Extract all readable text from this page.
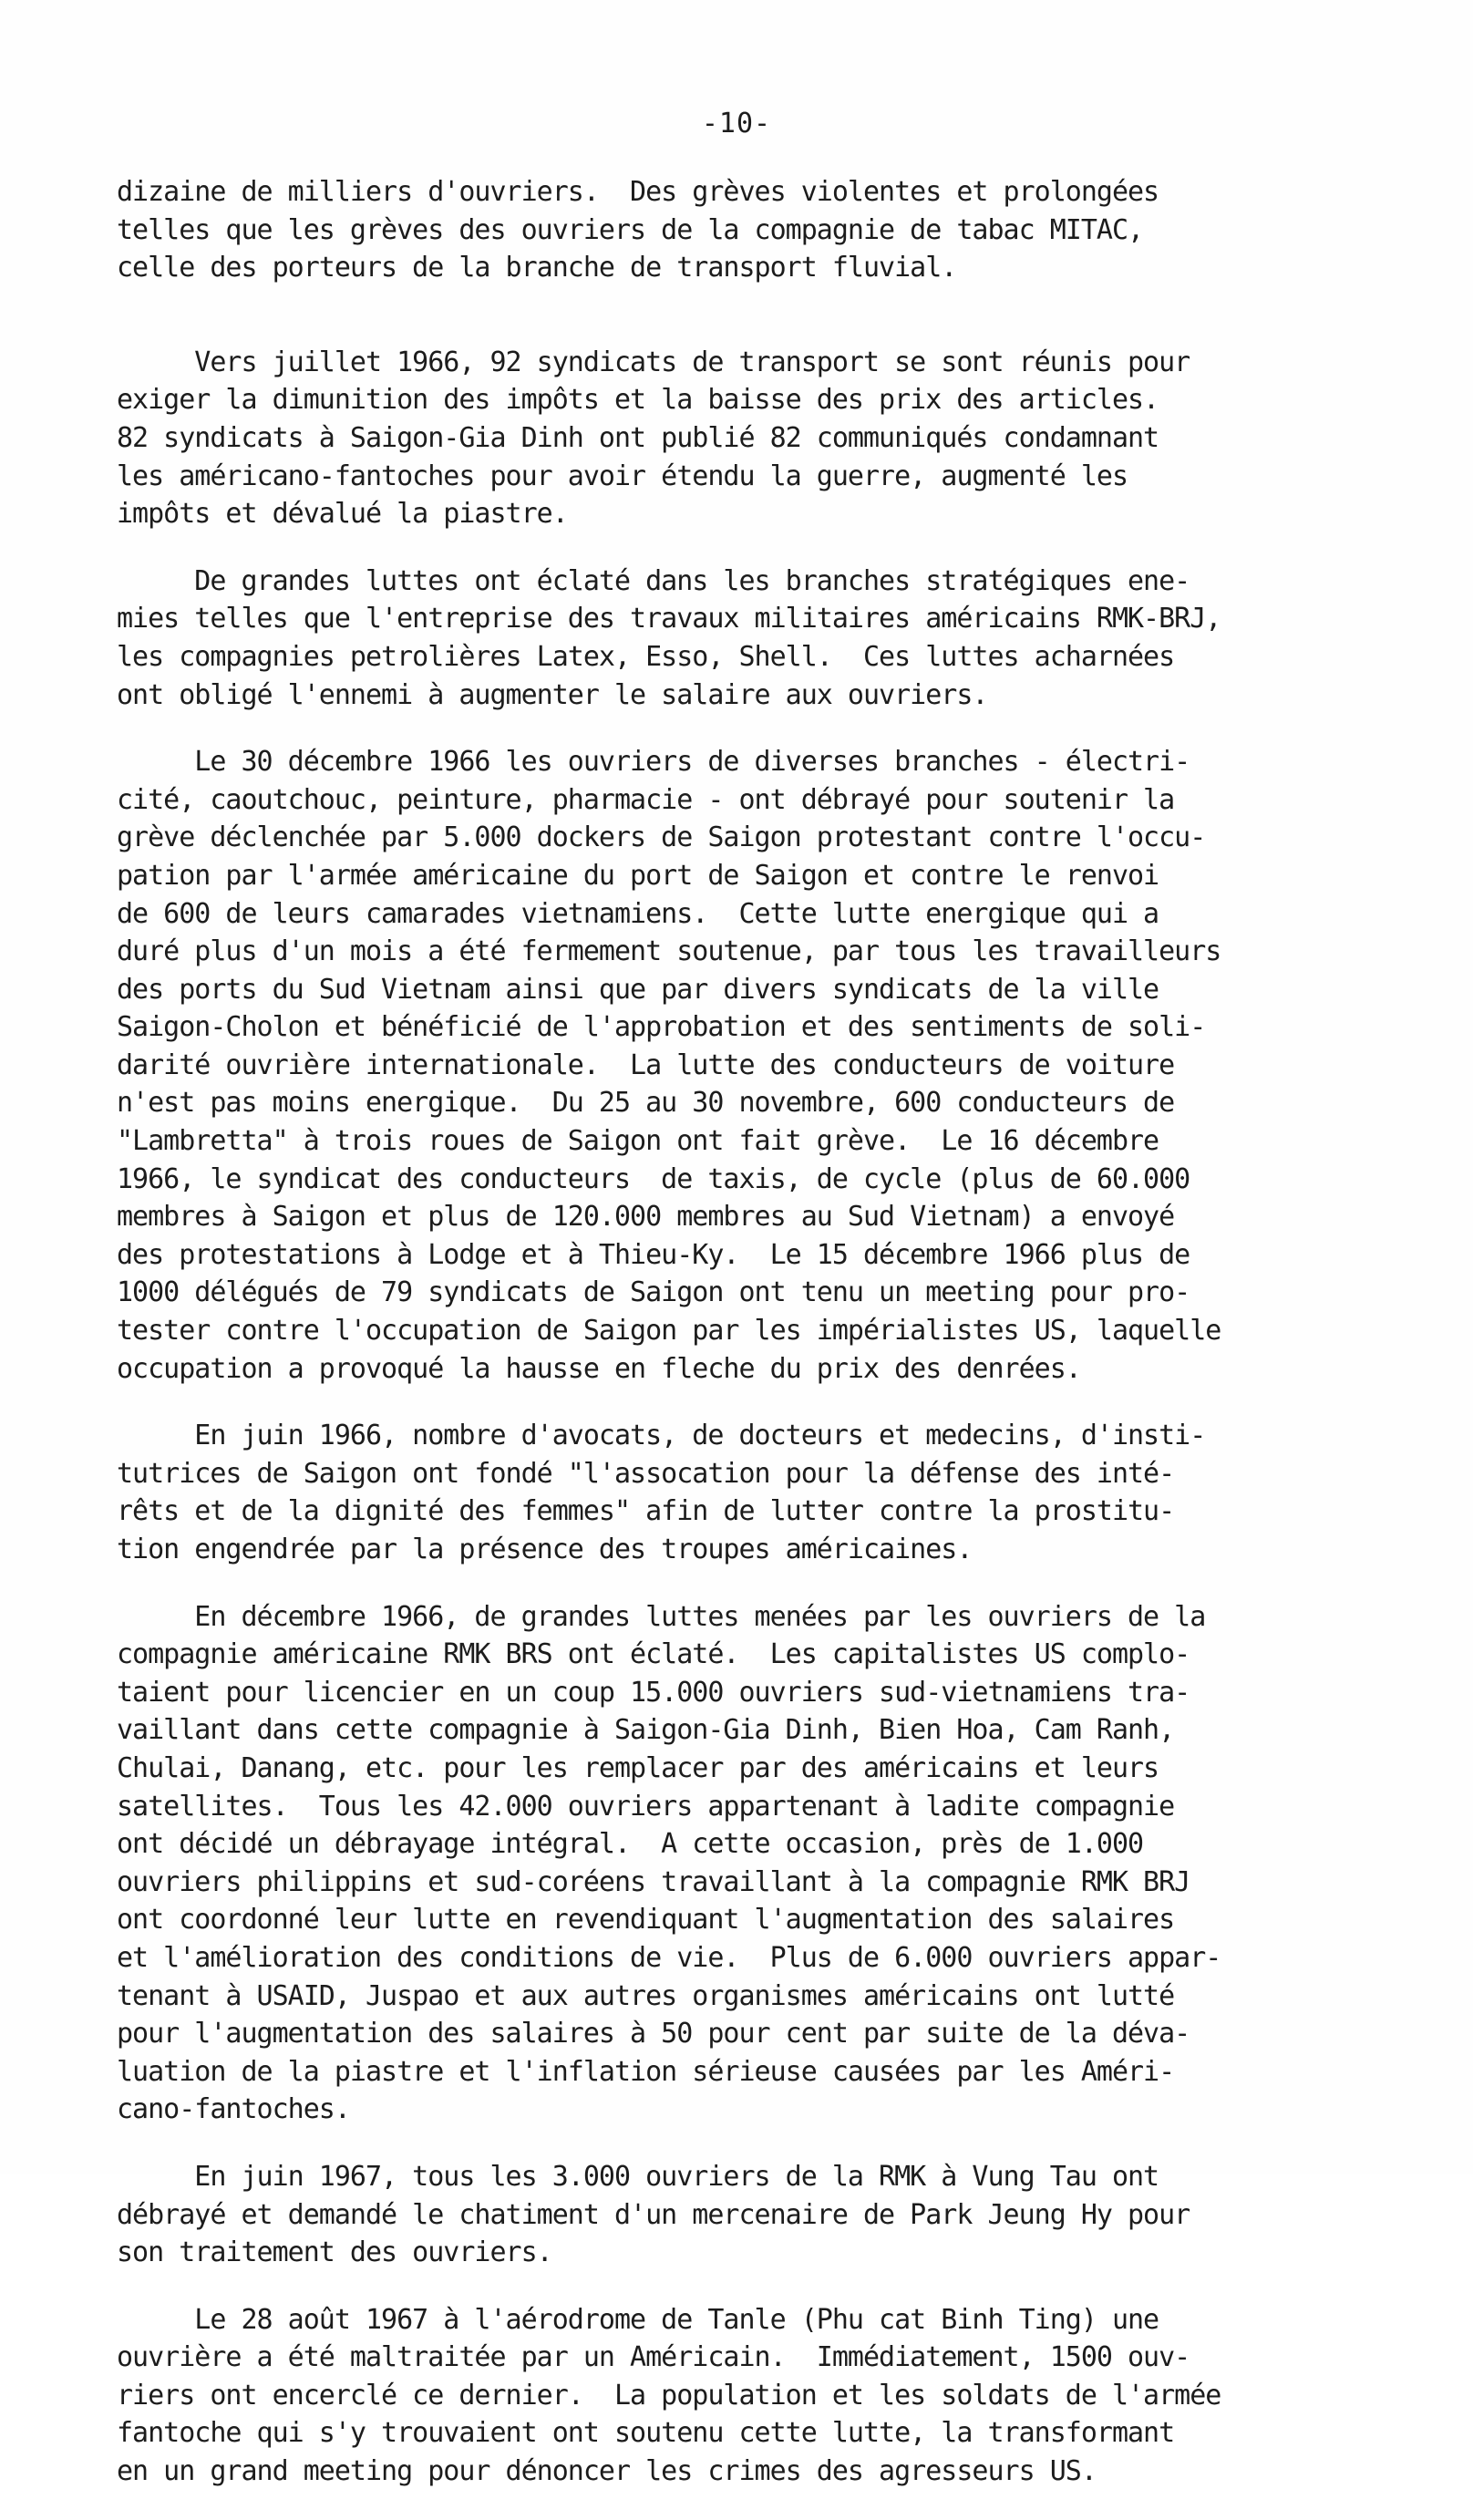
-10-
dizaine de milliers d'ouvriers.  Des grèves violentes et prolongées
telles que les grèves des ouvriers de la compagnie de tabac MITAC,
celle des porteurs de la branche de transport fluvial.
Vers juillet 1966, 92 syndicats de transport se sont réunis pour
exiger la dimunition des impôts et la baisse des prix des articles.
82 syndicats à Saigon-Gia Dinh ont publié 82 communiqués condamnant
les américano-fantoches pour avoir étendu la guerre, augmenté les
impôts et dévalué la piastre.
De grandes luttes ont éclaté dans les branches stratégiques ene-
mies telles que l'entreprise des travaux militaires américains RMK-BRJ,
les compagnies petrolières Latex, Esso, Shell.  Ces luttes acharnées
ont obligé l'ennemi à augmenter le salaire aux ouvriers.
Le 30 décembre 1966 les ouvriers de diverses branches - électri-
cité, caoutchouc, peinture, pharmacie - ont débrayé pour soutenir la
grève déclenchée par 5.000 dockers de Saigon protestant contre l'occu-
pation par l'armée américaine du port de Saigon et contre le renvoi
de 600 de leurs camarades vietnamiens.  Cette lutte energique qui a
duré plus d'un mois a été fermement soutenue, par tous les travailleurs
des ports du Sud Vietnam ainsi que par divers syndicats de la ville
Saigon-Cholon et bénéficié de l'approbation et des sentiments de soli-
darité ouvrière internationale.  La lutte des conducteurs de voiture
n'est pas moins energique.  Du 25 au 30 novembre, 600 conducteurs de
"Lambretta" à trois roues de Saigon ont fait grève.  Le 16 décembre
1966, le syndicat des conducteurs  de taxis, de cycle (plus de 60.000
membres à Saigon et plus de 120.000 membres au Sud Vietnam) a envoyé
des protestations à Lodge et à Thieu-Ky.  Le 15 décembre 1966 plus de
1000 délégués de 79 syndicats de Saigon ont tenu un meeting pour pro-
tester contre l'occupation de Saigon par les impérialistes US, laquelle
occupation a provoqué la hausse en fleche du prix des denrées.
En juin 1966, nombre d'avocats, de docteurs et medecins, d'insti-
tutrices de Saigon ont fondé "l'assocation pour la défense des inté-
rêts et de la dignité des femmes" afin de lutter contre la prostitu-
tion engendrée par la présence des troupes américaines.
En décembre 1966, de grandes luttes menées par les ouvriers de la
compagnie américaine RMK BRS ont éclaté.  Les capitalistes US complo-
taient pour licencier en un coup 15.000 ouvriers sud-vietnamiens tra-
vaillant dans cette compagnie à Saigon-Gia Dinh, Bien Hoa, Cam Ranh,
Chulai, Danang, etc. pour les remplacer par des américains et leurs
satellites.  Tous les 42.000 ouvriers appartenant à ladite compagnie
ont décidé un débrayage intégral.  A cette occasion, près de 1.000
ouvriers philippins et sud-coréens travaillant à la compagnie RMK BRJ
ont coordonné leur lutte en revendiquant l'augmentation des salaires
et l'amélioration des conditions de vie.  Plus de 6.000 ouvriers appar-
tenant à USAID, Juspao et aux autres organismes américains ont lutté
pour l'augmentation des salaires à 50 pour cent par suite de la déva-
luation de la piastre et l'inflation sérieuse causées par les Améri-
cano-fantoches.
En juin 1967, tous les 3.000 ouvriers de la RMK à Vung Tau ont
débrayé et demandé le chatiment d'un mercenaire de Park Jeung Hy pour
son traitement des ouvriers.
Le 28 août 1967 à l'aérodrome de Tanle (Phu cat Binh Ting) une
ouvrière a été maltraitée par un Américain.  Immédiatement, 1500 ouv-
riers ont encerclé ce dernier.  La population et les soldats de l'armée
fantoche qui s'y trouvaient ont soutenu cette lutte, la transformant
en un grand meeting pour dénoncer les crimes des agresseurs US.
